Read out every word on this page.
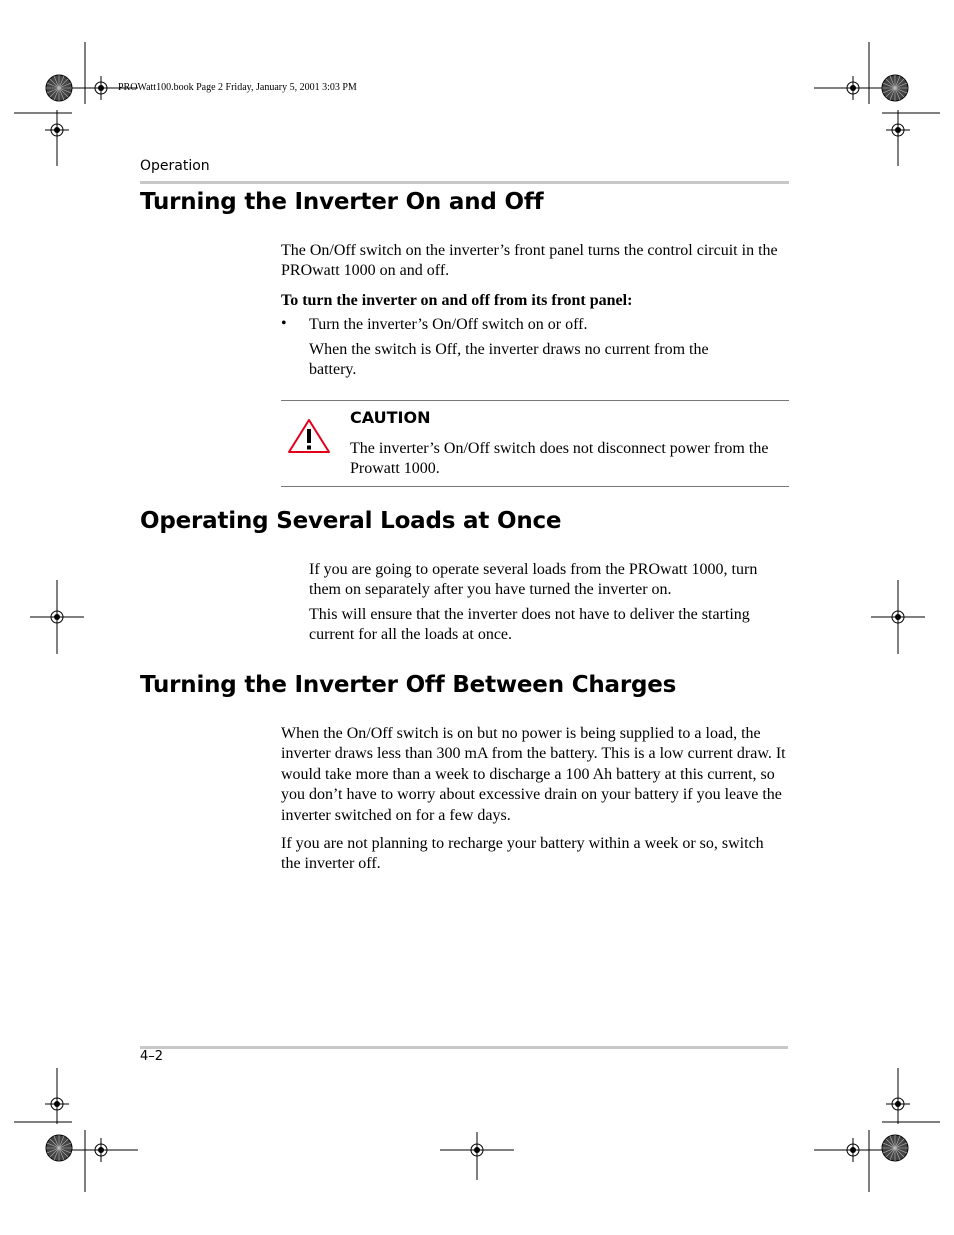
PROWatt100.book Page 2 Friday, January 5, 2001 3:03 PM
Operation
Turning the Inverter On and Off

The On/Off switch on the inverter’s front panel turns the control circuit in the PROwatt 1000 on and off.

To turn the inverter on and off from its front panel:

• Turn the inverter’s On/Off switch on or off.

When the switch is Off, the inverter draws no current from the battery.

CAUTION

The inverter’s On/Off switch does not disconnect power from the Prowatt 1000.

Operating Several Loads at Once

If you are going to operate several loads from the PROwatt 1000, turn them on separately after you have turned the inverter on.

This will ensure that the inverter does not have to deliver the starting current for all the loads at once.

Turning the Inverter Off Between Charges

When the On/Off switch is on but no power is being supplied to a load, the inverter draws less than 300 mA from the battery. This is a low current draw. It would take more than a week to discharge a 100 Ah battery at this current, so you don’t have to worry about excessive drain on your battery if you leave the inverter switched on for a few days.

If you are not planning to recharge your battery within a week or so, switch the inverter off.

4–2
